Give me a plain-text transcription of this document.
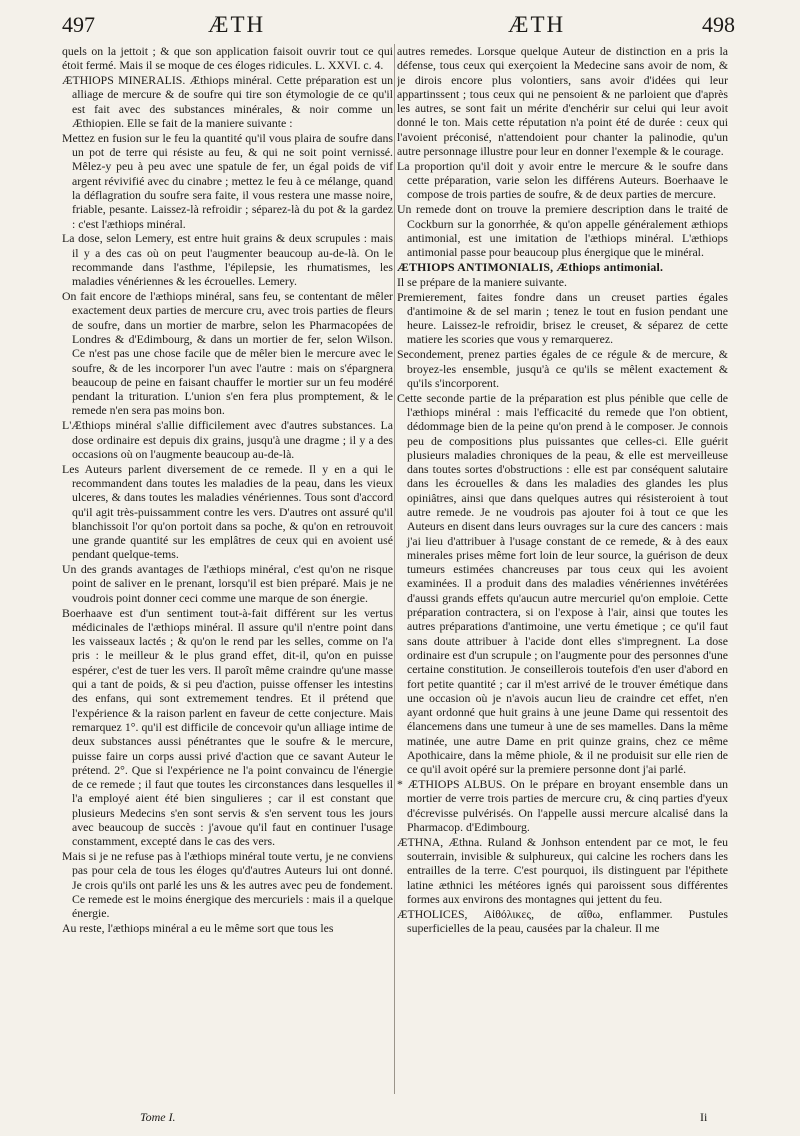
497	ÆTH	ÆTH	498

quels on la jettoit ; & que son application faisoit ouvrir tout ce qui étoit fermé. Mais il se moque de ces éloges ridicules. L. XXVI. c. 4.

ÆTHIOPS MINERALIS. Æthiops minéral. Cette préparation est un alliage de mercure & de soufre qui tire son étymologie de ce qu'il est fait avec des substances minérales, & noir comme un Æthiopien. Elle se fait de la maniere suivante :

Mettez en fusion sur le feu la quantité qu'il vous plaira de soufre dans un pot de terre qui résiste au feu, & qui ne soit point vernissé. Mêlez-y peu à peu avec une spatule de fer, un égal poids de vif argent révivifié avec du cinabre ; mettez le feu à ce mélange, quand la déflagration du soufre sera faite, il vous restera une masse noire, friable, pesante. Laissez-là refroidir ; séparez-là du pot & la gardez : c'est l'æthiops minéral.

La dose, selon Lemery, est entre huit grains & deux scrupules : mais il y a des cas où on peut l'augmenter beaucoup au-de-là. On le recommande dans l'asthme, l'épilepsie, les rhumatismes, les maladies vénériennes & les écrouelles. Lemery.

On fait encore de l'æthiops minéral, sans feu, se contentant de mêler exactement deux parties de mercure cru, avec trois parties de fleurs de soufre, dans un mortier de marbre, selon les Pharmacopées de Londres & d'Edimbourg, & dans un mortier de fer, selon Wilson. Ce n'est pas une chose facile que de mêler bien le mercure avec le soufre, & de les incorporer l'un avec l'autre : mais on s'épargnera beaucoup de peine en faisant chauffer le mortier sur un feu modéré pendant la trituration. L'union s'en fera plus promptement, & le remede n'en sera pas moins bon.

L'Æthiops minéral s'allie difficilement avec d'autres substances. La dose ordinaire est depuis dix grains, jusqu'à une dragme ; il y a des occasions où on l'augmente beaucoup au-de-là.

Les Auteurs parlent diversement de ce remede. Il y en a qui le recommandent dans toutes les maladies de la peau, dans les vieux ulceres, & dans toutes les maladies vénériennes. Tous sont d'accord qu'il agit très-puissamment contre les vers. D'autres ont assuré qu'il blanchissoit l'or qu'on portoit dans sa poche, & qu'on en retrouvoit une grande quantité sur les emplâtres de ceux qui en avoient usé pendant quelque-tems.

Un des grands avantages de l'æthiops minéral, c'est qu'on ne risque point de saliver en le prenant, lorsqu'il est bien préparé. Mais je ne voudrois point donner ceci comme une marque de son énergie.

Boerhaave est d'un sentiment tout-à-fait différent sur les vertus médicinales de l'æthiops minéral. Il assure qu'il n'entre point dans les vaisseaux lactés ; & qu'on le rend par les selles, comme on l'a pris : le meilleur & le plus grand effet, dit-il, qu'on en puisse espérer, c'est de tuer les vers. Il paroît même craindre qu'une masse qui a tant de poids, & si peu d'action, puisse offenser les intestins des enfans, qui sont extremement tendres. Et il prétend que l'expérience & la raison parlent en faveur de cette conjecture. Mais remarquez 1°. qu'il est difficile de concevoir qu'un alliage intime de deux substances aussi pénétrantes que le soufre & le mercure, puisse faire un corps aussi privé d'action que ce savant Auteur le prétend. 2°. Que si l'expérience ne l'a point convaincu de l'énergie de ce remede ; il faut que toutes les circonstances dans lesquelles il l'a employé aient été bien singulieres ; car il est constant que plusieurs Medecins s'en sont servis & s'en servent tous les jours avec beaucoup de succès : j'avoue qu'il faut en continuer l'usage constamment, excepté dans le cas des vers.

Mais si je ne refuse pas à l'æthiops minéral toute vertu, je ne conviens pas pour cela de tous les éloges qu'd'autres Auteurs lui ont donné. Je crois qu'ils ont parlé les uns & les autres avec peu de fondement. Ce remede est le moins énergique des mercuriels : mais il a quelque énergie.

Au reste, l'æthiops minéral a eu le même sort que tous les

autres remedes. Lorsque quelque Auteur de distinction en a pris la défense, tous ceux qui exerçoient la Medecine sans avoir de nom, & je dirois encore plus volontiers, sans avoir d'idées qui leur appartinssent ; tous ceux qui ne pensoient & ne parloient que d'après les autres, se sont fait un mérite d'enchérir sur celui qui leur avoit donné le ton. Mais cette réputation n'a point été de durée : ceux qui l'avoient préconisé, n'attendoient pour chanter la palinodie, qu'un autre personnage illustre pour leur en donner l'exemple & le courage.

La proportion qu'il doit y avoir entre le mercure & le soufre dans cette préparation, varie selon les différens Auteurs. Boerhaave le compose de trois parties de soufre, & de deux parties de mercure.

Un remede dont on trouve la premiere description dans le traité de Cockburn sur la gonorrhée, & qu'on appelle généralement æthiops antimonial, est une imitation de l'æthiops minéral. L'æthiops antimonial passe pour beaucoup plus énergique que le minéral.

ÆTHIOPS ANTIMONIALIS, Æthiops antimonial.

Il se prépare de la maniere suivante.

Premierement, faites fondre dans un creuset parties égales d'antimoine & de sel marin ; tenez le tout en fusion pendant une heure. Laissez-le refroidir, brisez le creuset, & séparez de cette matiere les scories que vous y remarquerez.

Secondement, prenez parties égales de ce régule & de mercure, & broyez-les ensemble, jusqu'à ce qu'ils se mêlent exactement & qu'ils s'incorporent.

Cette seconde partie de la préparation est plus pénible que celle de l'æthiops minéral : mais l'efficacité du remede que l'on obtient, dédommage bien de la peine qu'on prend à le composer. Je connois peu de compositions plus puissantes que celles-ci. Elle guérit plusieurs maladies chroniques de la peau, & elle est merveilleuse dans toutes sortes d'obstructions : elle est par conséquent salutaire dans les écrouelles & dans les maladies des glandes les plus opiniâtres, ainsi que dans quelques autres qui résisteroient à tout autre remede. Je ne voudrois pas ajouter foi à tout ce que les Auteurs en disent dans leurs ouvrages sur la cure des cancers : mais j'ai lieu d'attribuer à l'usage constant de ce remede, & à des eaux minerales prises même fort loin de leur source, la guérison de deux tumeurs estimées chancreuses par tous ceux qui les avoient examinées. Il a produit dans des maladies vénériennes invétérées d'aussi grands effets qu'aucun autre mercuriel qu'on emploie. Cette préparation contractera, si on l'expose à l'air, ainsi que toutes les autres préparations d'antimoine, une vertu émetique ; ce qu'il faut sans doute attribuer à l'acide dont elles s'impregnent. La dose ordinaire est d'un scrupule ; on l'augmente pour des personnes d'une certaine constitution. Je conseillerois toutefois d'en user d'abord en fort petite quantité ; car il m'est arrivé de le trouver émétique dans une occasion où je n'avois aucun lieu de craindre cet effet, n'en ayant ordonné que huit grains à une jeune Dame qui ressentoit des élancemens dans une tumeur à une de ses mamelles. Dans la même matinée, une autre Dame en prit quinze grains, chez ce même Apothicaire, dans la même phiole, & il ne produisit sur elle rien de ce qu'il avoit opéré sur la premiere personne dont j'ai parlé.

* ÆTHIOPS ALBUS. On le prépare en broyant ensemble dans un mortier de verre trois parties de mercure cru, & cinq parties d'yeux d'écrevisse pulvérisés. On l'appelle aussi mercure alcalisé dans la Pharmacop. d'Edimbourg.

ÆTHNA, Æthna. Ruland & Jonhson entendent par ce mot, le feu souterrain, invisible & sulphureux, qui calcine les rochers dans les entrailles de la terre. C'est pourquoi, ils distinguent par l'épithete latine æthnici les météores ignés qui paroissent sous différentes formes aux environs des montagnes qui jettent du feu.

ÆTHOLICES, Αἰθόλικες, de αἴθω, enflammer. Pustules superficielles de la peau, causées par la chaleur. Il me

Tome I.	Ii
